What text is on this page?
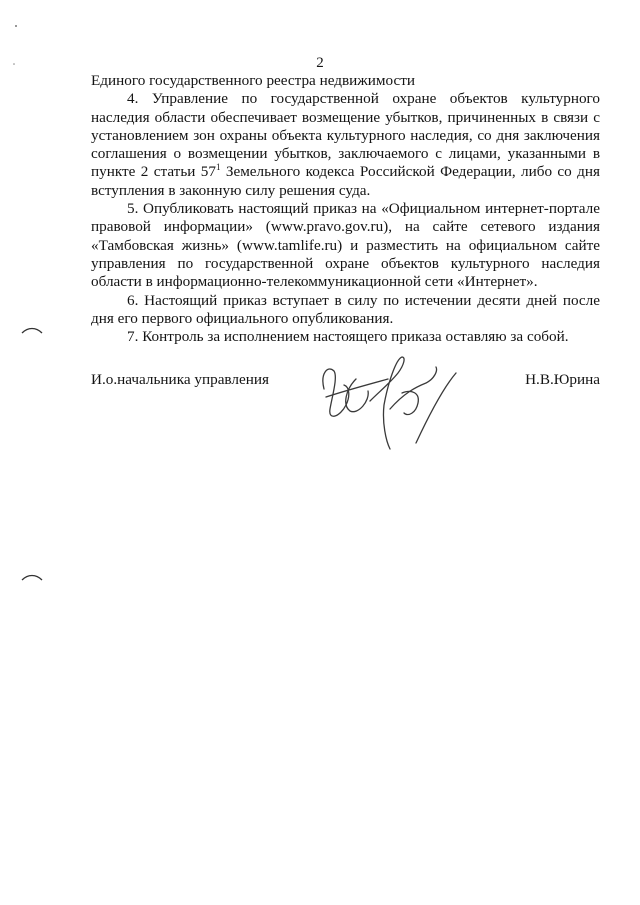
2

Единого государственного реестра недвижимости

4. Управление по государственной охране объектов культурного наследия области обеспечивает возмещение убытков, причиненных в связи с установлением зон охраны объекта культурного наследия, со дня заключения соглашения о возмещении убытков, заключаемого с лицами, указанными в пункте 2 статьи $57^1$ Земельного кодекса Российской Федерации, либо со дня вступления в законную силу решения суда.

5. Опубликовать настоящий приказ на «Официальном интернет-портале правовой информации» (www.pravo.gov.ru), на сайте сетевого издания «Тамбовская жизнь» (www.tamlife.ru) и разместить на официальном сайте управления по государственной охране объектов культурного наследия области в информационно-телекоммуникационной сети «Интернет».

6. Настоящий приказ вступает в силу по истечении десяти дней после дня его первого официального опубликования.

7. Контроль за исполнением настоящего приказа оставляю за собой.

И.о.начальника управления	Н.В.Юрина
